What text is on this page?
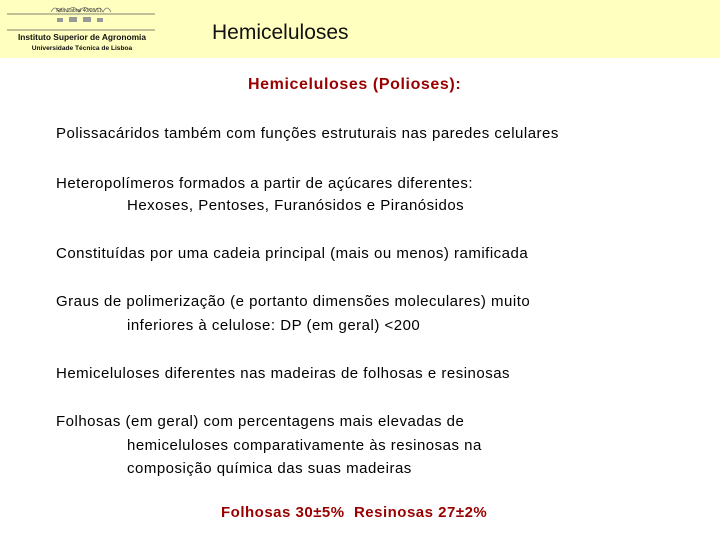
Rita Cabral 40/08/11
Instituto Superior de Agronomia
Universidade Técnica de Lisboa
Hemiceluloses
Hemiceluloses (Polioses):
Polissacáridos também com funções estruturais nas paredes celulares
Heteropolímeros formados a partir de açúcares diferentes:
Hexoses, Pentoses, Furanósidos e Piranósidos
Constituídas por uma cadeia principal (mais ou menos) ramificada
Graus de polimerização (e portanto dimensões moleculares) muito
inferiores à celulose: DP (em geral) <200
Hemiceluloses diferentes nas madeiras de folhosas e resinosas
Folhosas (em geral) com percentagens mais elevadas de
hemiceluloses comparativamente às resinosas na
composição química das suas madeiras
Folhosas 30±5%  Resinosas 27±2%
